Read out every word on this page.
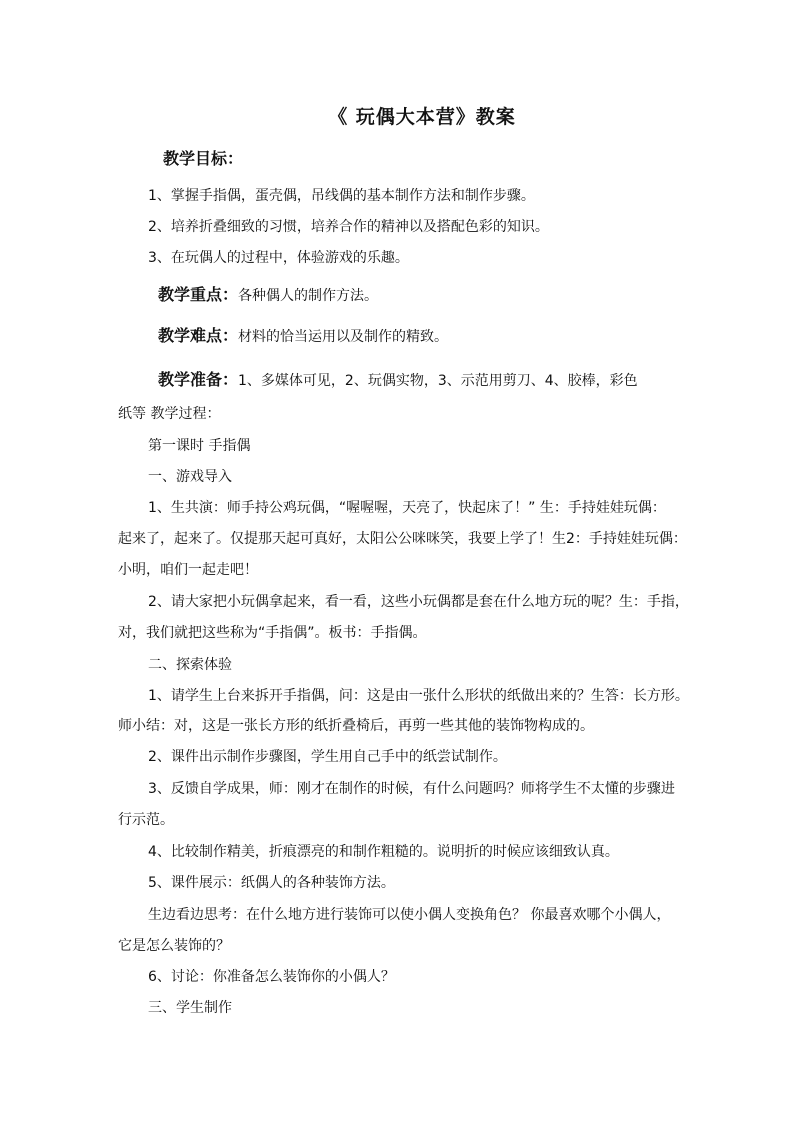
《 玩偶大本营》教案
教学目标：
1、掌握手指偶，蛋壳偶，吊线偶的基本制作方法和制作步骤。
2、培养折叠细致的习惯，培养合作的精神以及搭配色彩的知识。
3、在玩偶人的过程中，体验游戏的乐趣。
教学重点：各种偶人的制作方法。
教学难点：材料的恰当运用以及制作的精致。
教学准备：1、多媒体可见，2、玩偶实物，3、示范用剪刀、4、胶棒，彩色
纸等 教学过程：
第一课时 手指偶
一、游戏导入
1、生共演：师手持公鸡玩偶，“喔喔喔，天亮了，快起床了！” 生：手持娃娃玩偶：
起来了，起来了。仅提那天起可真好，太阳公公咪咪笑，我要上学了！生2：手持娃娃玩偶：
小明，咱们一起走吧！
2、请大家把小玩偶拿起来，看一看，这些小玩偶都是套在什么地方玩的呢？生：手指，
对，我们就把这些称为“手指偶”。板书：手指偶。
二、探索体验
1、请学生上台来拆开手指偶，问：这是由一张什么形状的纸做出来的？生答：长方形。
师小结：对，这是一张长方形的纸折叠椅后，再剪一些其他的装饰物构成的。
2、课件出示制作步骤图，学生用自己手中的纸尝试制作。
3、反馈自学成果，师：刚才在制作的时候，有什么问题吗？师将学生不太懂的步骤进
行示范。
4、比较制作精美，折痕漂亮的和制作粗糙的。说明折的时候应该细致认真。
5、课件展示：纸偶人的各种装饰方法。
生边看边思考：在什么地方进行装饰可以使小偶人变换角色？ 你最喜欢哪个小偶人，
它是怎么装饰的？
6、讨论：你准备怎么装饰你的小偶人？
三、学生制作
